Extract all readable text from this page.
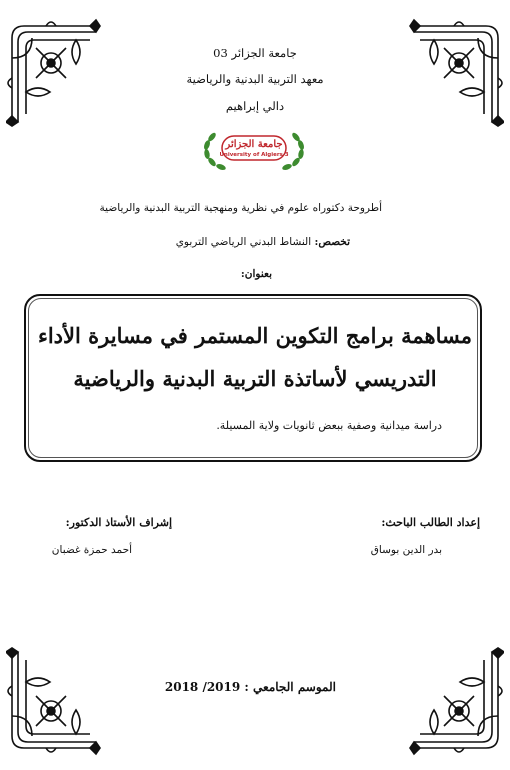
جامعة الجزائر 03
معهد التربية البدنية والرياضية
دالي إبراهيم
جامعة الجزائر
University of Algiers 3
أطروحة دكتوراه علوم في نظرية ومنهجية التربية البدنية والرياضية
تخصص: النشاط البدني الرياضي التربوي
بعنوان:
مساهمة برامج التكوين المستمر في مسايرة الأداء
التدريسي لأساتذة التربية البدنية والرياضية
دراسة ميدانية وصفية ببعض ثانويات ولاية المسيلة.
إعداد الطالب الباحث:
بدر الدين بوساق
إشراف الأستاذ الدكتور:
أحمد حمزة غضبان
الموسم الجامعي : 2018 /2019
